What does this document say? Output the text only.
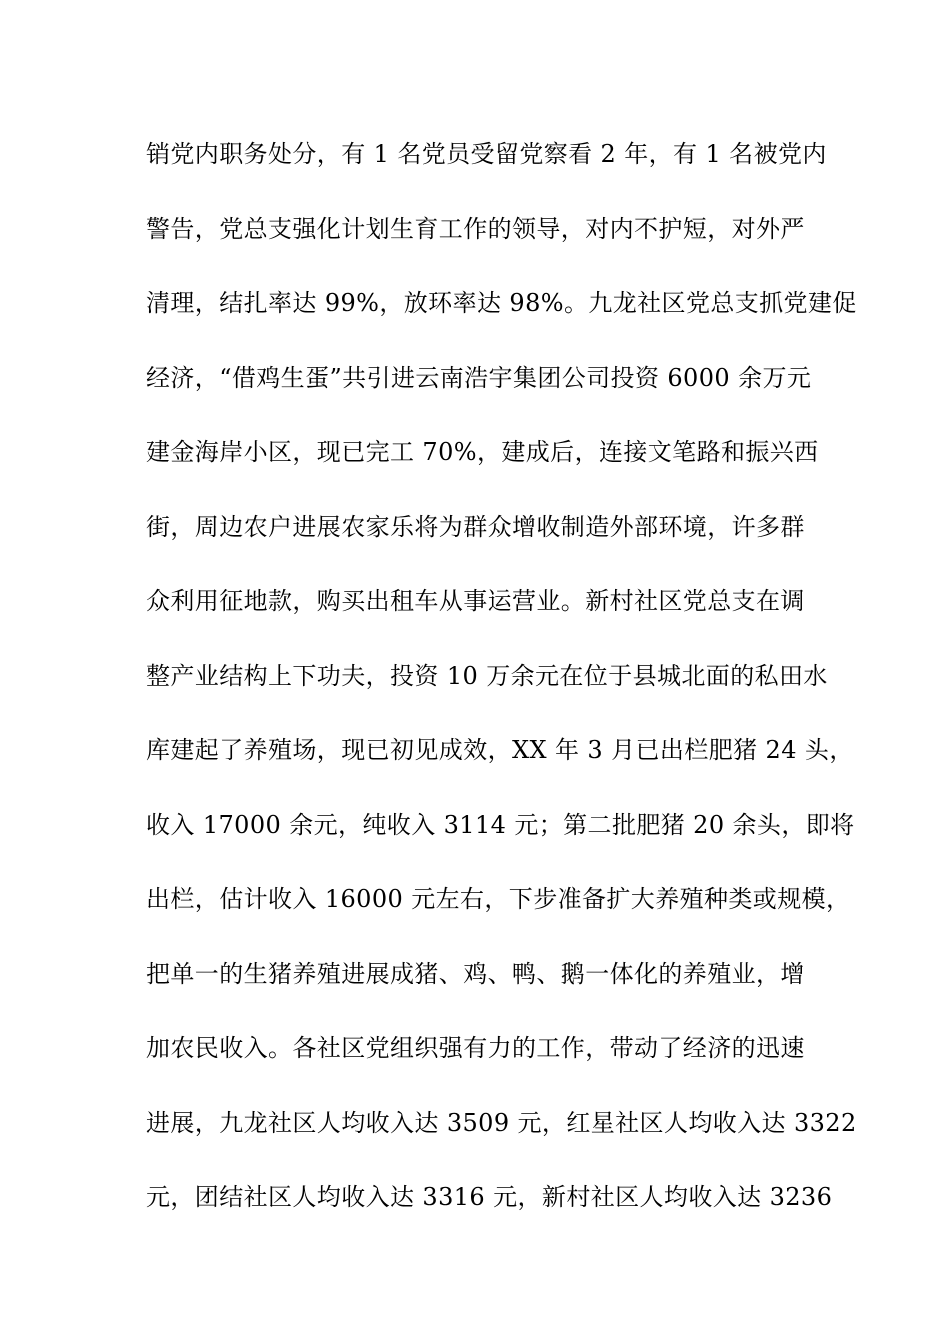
销党内职务处分，有 1 名党员受留党察看 2 年，有 1 名被党内
警告，党总支强化计划生育工作的领导，对内不护短，对外严
清理，结扎率达 99%，放环率达 98%。九龙社区党总支抓党建促
经济，“借鸡生蛋”共引进云南浩宇集团公司投资 6000 余万元
建金海岸小区，现已完工 70%，建成后，连接文笔路和振兴西
街，周边农户进展农家乐将为群众增收制造外部环境，许多群
众利用征地款，购买出租车从事运营业。新村社区党总支在调
整产业结构上下功夫，投资 10 万余元在位于县城北面的私田水
库建起了养殖场，现已初见成效，XX 年 3 月已出栏肥猪 24 头，
收入 17000 余元，纯收入 3114 元；第二批肥猪 20 余头，即将
出栏，估计收入 16000 元左右，下步准备扩大养殖种类或规模，
把单一的生猪养殖进展成猪、鸡、鸭、鹅一体化的养殖业，增
加农民收入。各社区党组织强有力的工作，带动了经济的迅速
进展，九龙社区人均收入达 3509 元，红星社区人均收入达 3322
元，团结社区人均收入达 3316 元，新村社区人均收入达 3236
